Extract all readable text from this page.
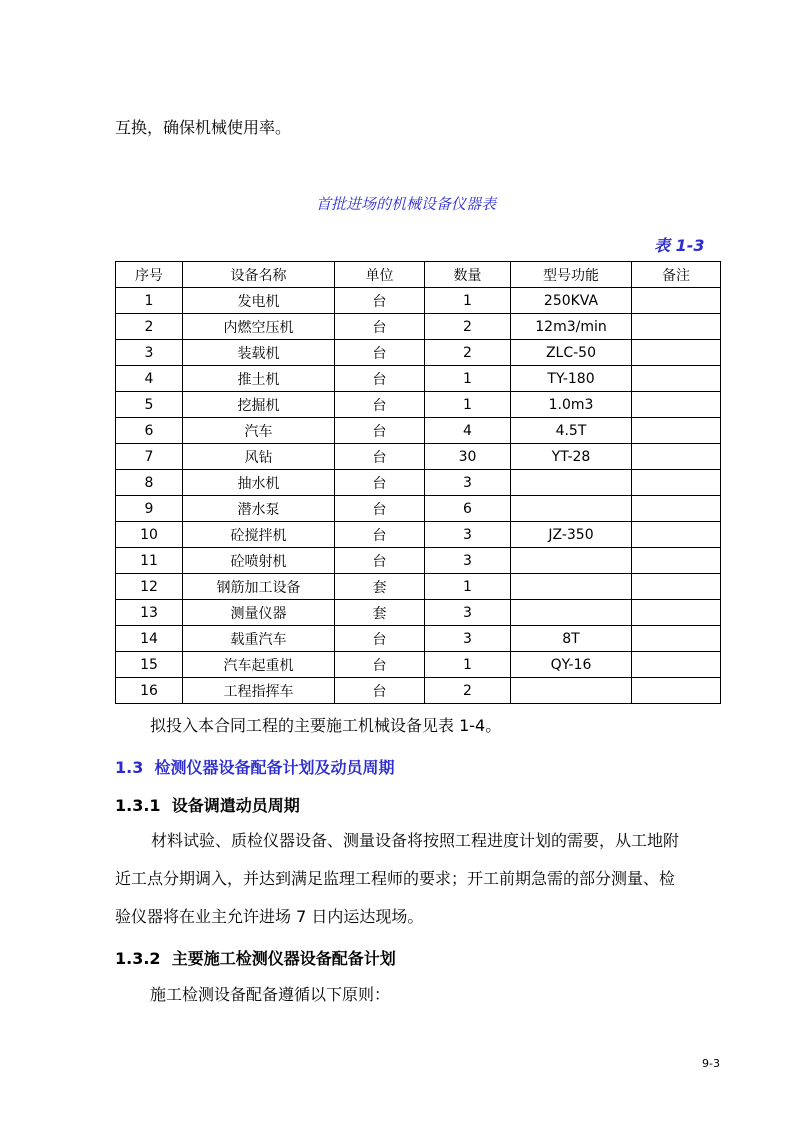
互换，确保机械使用率。
首批进场的机械设备仪器表
表 1-3
序号	设备名称	单位	数量	型号功能	备注
1	发电机	台	1	250KVA	
2	内燃空压机	台	2	12m3/min	
3	装载机	台	2	ZLC-50	
4	推土机	台	1	TY-180	
5	挖掘机	台	1	1.0m3	
6	汽车	台	4	4.5T	
7	风钻	台	30	YT-28	
8	抽水机	台	3		
9	潜水泵	台	6		
10	砼搅拌机	台	3	JZ-350	
11	砼喷射机	台	3		
12	钢筋加工设备	套	1		
13	测量仪器	套	3		
14	载重汽车	台	3	8T	
15	汽车起重机	台	1	QY-16	
16	工程指挥车	台	2		
拟投入本合同工程的主要施工机械设备见表 1-4。
1.3 检测仪器设备配备计划及动员周期
1.3.1 设备调遣动员周期
材料试验、质检仪器设备、测量设备将按照工程进度计划的需要，从工地附
近工点分期调入，并达到满足监理工程师的要求；开工前期急需的部分测量、检
验仪器将在业主允许进场 7 日内运达现场。
1.3.2 主要施工检测仪器设备配备计划
施工检测设备配备遵循以下原则：
9-3
